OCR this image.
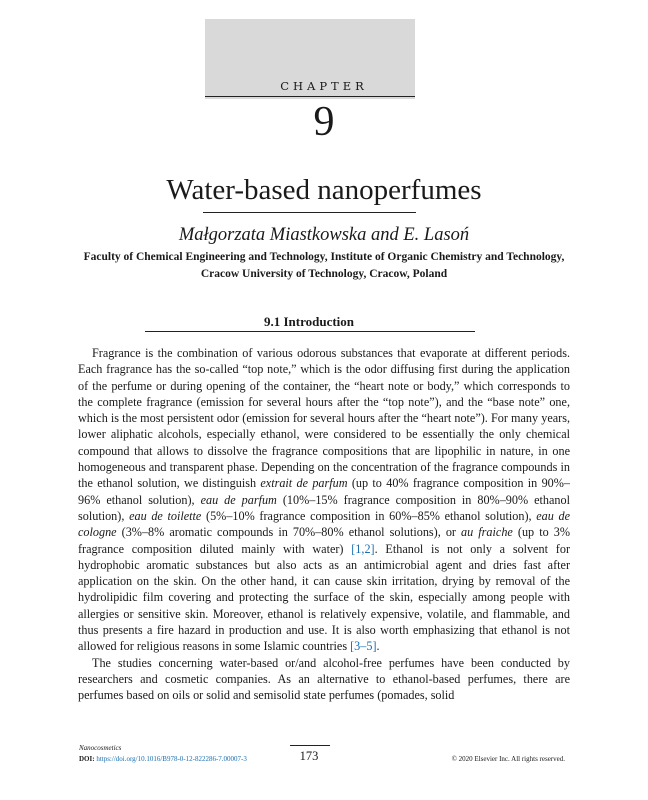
CHAPTER
9
Water-based nanoperfumes
Małgorzata Miastkowska and E. Lasoń
Faculty of Chemical Engineering and Technology, Institute of Organic Chemistry and Technology, Cracow University of Technology, Cracow, Poland
9.1 Introduction

Fragrance is the combination of various odorous substances that evaporate at different periods. Each fragrance has the so-called “top note,” which is the odor diffusing first during the application of the perfume or during opening of the container, the “heart note or body,” which corresponds to the complete fragrance (emission for several hours after the “top note”), and the “base note” one, which is the most persistent odor (emission for several hours after the “heart note”). For many years, lower aliphatic alcohols, especially ethanol, were considered to be essentially the only chemical compound that allows to dissolve the fragrance compositions that are lipophilic in nature, in one homogeneous and transparent phase. Depending on the concentration of the fragrance compounds in the ethanol solution, we distinguish extrait de parfum (up to 40% fragrance composition in 90%–96% ethanol solution), eau de parfum (10%–15% fragrance composition in 80%–90% ethanol solution), eau de toilette (5%–10% fragrance composition in 60%–85% ethanol solution), eau de cologne (3%–8% aromatic compounds in 70%–80% ethanol solutions), or au fraiche (up to 3% fragrance composition diluted mainly with water) [1,2]. Ethanol is not only a solvent for hydrophobic aromatic substances but also acts as an antimicrobial agent and dries fast after application on the skin. On the other hand, it can cause skin irritation, drying by removal of the hydrolipidic film covering and protecting the surface of the skin, especially among people with allergies or sensitive skin. Moreover, ethanol is relatively expensive, volatile, and flammable, and thus presents a fire hazard in production and use. It is also worth emphasizing that ethanol is not allowed for religious reasons in some Islamic countries [3–5].

The studies concerning water-based or/and alcohol-free perfumes have been conducted by researchers and cosmetic companies. As an alternative to ethanol-based perfumes, there are perfumes based on oils or solid and semisolid state perfumes (pomades, solid

Nanocosmetics
DOI: https://doi.org/10.1016/B978-0-12-822286-7.00007-3	173	© 2020 Elsevier Inc. All rights reserved.
